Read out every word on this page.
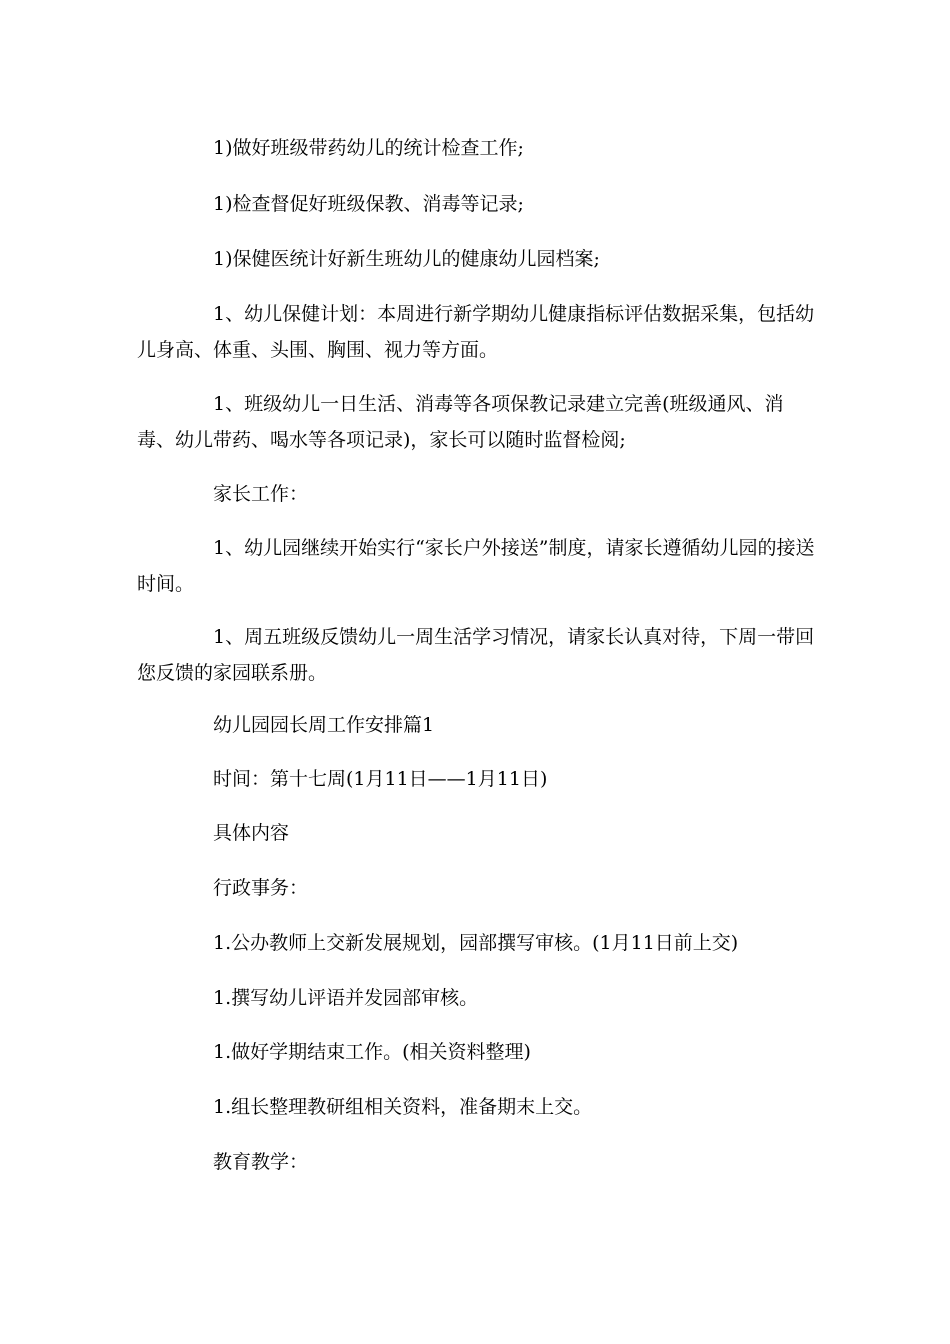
1)做好班级带药幼儿的统计检查工作;

1)检查督促好班级保教、消毒等记录;

1)保健医统计好新生班幼儿的健康幼儿园档案;

1、幼儿保健计划：本周进行新学期幼儿健康指标评估数据采集，包括幼儿身高、体重、头围、胸围、视力等方面。

1、班级幼儿一日生活、消毒等各项保教记录建立完善(班级通风、消毒、幼儿带药、喝水等各项记录)，家长可以随时监督检阅;

家长工作：

1、幼儿园继续开始实行“家长户外接送”制度，请家长遵循幼儿园的接送时间。

1、周五班级反馈幼儿一周生活学习情况，请家长认真对待，下周一带回您反馈的家园联系册。

幼儿园园长周工作安排篇1

时间：第十七周(1月11日——1月11日)

具体内容

行政事务：

1.公办教师上交新发展规划，园部撰写审核。(1月11日前上交)

1.撰写幼儿评语并发园部审核。

1.做好学期结束工作。(相关资料整理)

1.组长整理教研组相关资料，准备期末上交。

教育教学：
